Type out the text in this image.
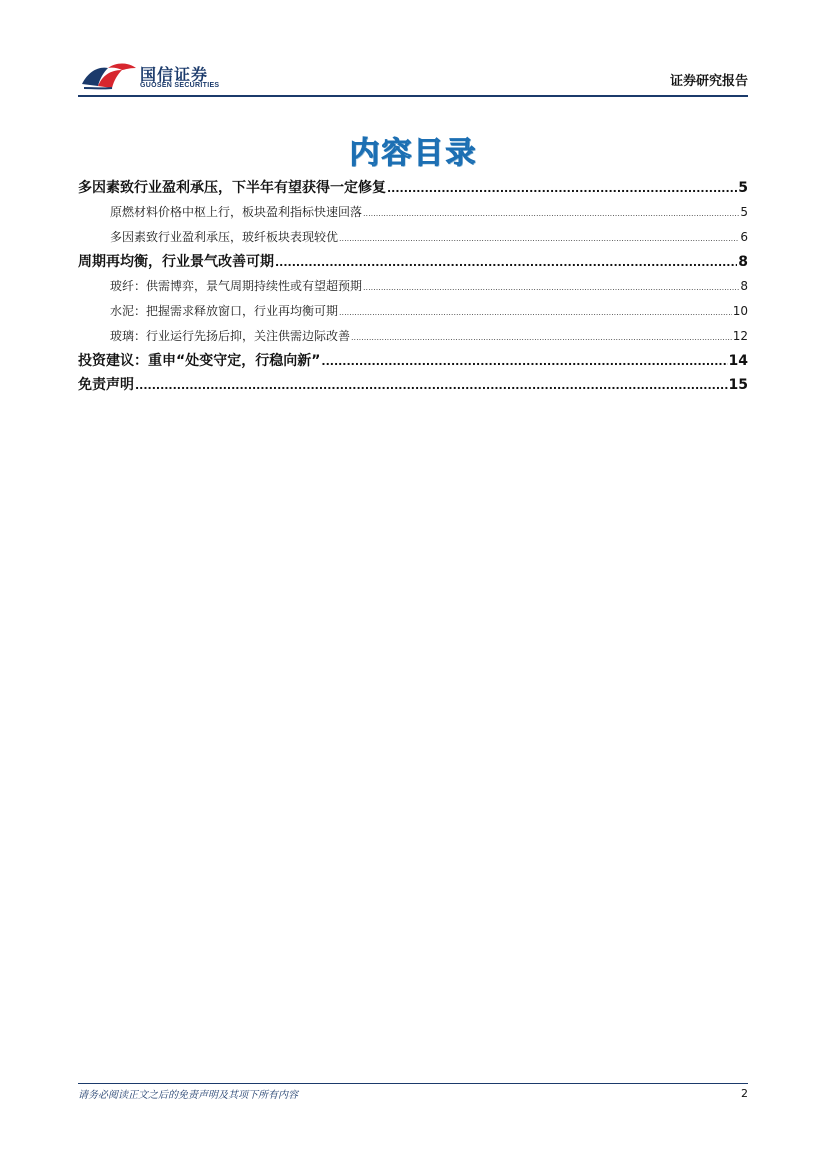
国信证券
GUOSEN SECURITIES	证券研究报告
内容目录
多因素致行业盈利承压，下半年有望获得一定修复 .....	5
原燃材料价格中枢上行，板块盈利指标快速回落 .....	5
多因素致行业盈利承压，玻纤板块表现较优 .....	6
周期再均衡，行业景气改善可期 .....	8
玻纤：供需博弈，景气周期持续性或有望超预期 .....	8
水泥：把握需求释放窗口，行业再均衡可期 .....	10
玻璃：行业运行先扬后抑，关注供需边际改善 .....	12
投资建议：重申“处变守定，行稳向新” .....	14
免责声明 .....	15
请务必阅读正文之后的免责声明及其项下所有内容	2
